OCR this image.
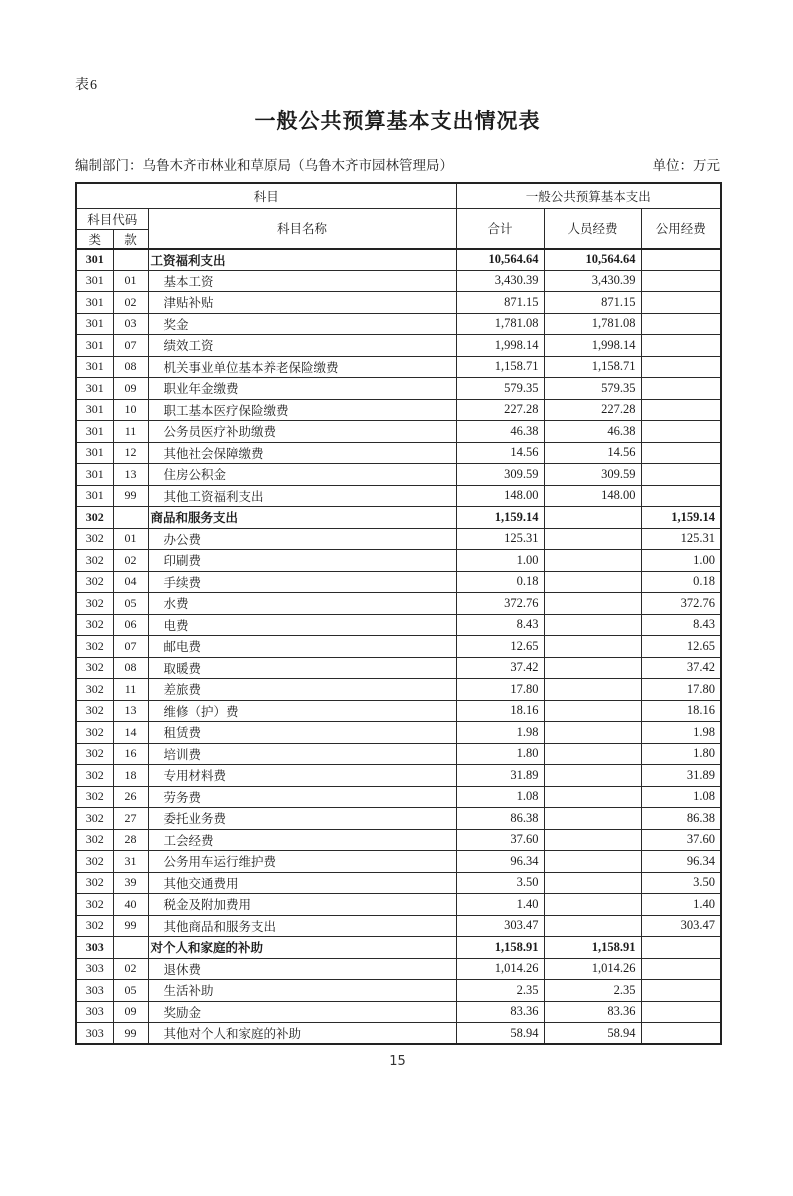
表6
一般公共预算基本支出情况表
编制部门：乌鲁木齐市林业和草原局（乌鲁木齐市园林管理局）	单位：万元
科目			一般公共预算基本支出		
科目代码		科目名称	合计	人员经费	公用经费
类	款				
301		工资福利支出	10,564.64	10,564.64	
301	01	基本工资	3,430.39	3,430.39	
301	02	津贴补贴	871.15	871.15	
301	03	奖金	1,781.08	1,781.08	
301	07	绩效工资	1,998.14	1,998.14	
301	08	机关事业单位基本养老保险缴费	1,158.71	1,158.71	
301	09	职业年金缴费	579.35	579.35	
301	10	职工基本医疗保险缴费	227.28	227.28	
301	11	公务员医疗补助缴费	46.38	46.38	
301	12	其他社会保障缴费	14.56	14.56	
301	13	住房公积金	309.59	309.59	
301	99	其他工资福利支出	148.00	148.00	
302		商品和服务支出	1,159.14		1,159.14
302	01	办公费	125.31		125.31
302	02	印刷费	1.00		1.00
302	04	手续费	0.18		0.18
302	05	水费	372.76		372.76
302	06	电费	8.43		8.43
302	07	邮电费	12.65		12.65
302	08	取暖费	37.42		37.42
302	11	差旅费	17.80		17.80
302	13	维修（护）费	18.16		18.16
302	14	租赁费	1.98		1.98
302	16	培训费	1.80		1.80
302	18	专用材料费	31.89		31.89
302	26	劳务费	1.08		1.08
302	27	委托业务费	86.38		86.38
302	28	工会经费	37.60		37.60
302	31	公务用车运行维护费	96.34		96.34
302	39	其他交通费用	3.50		3.50
302	40	税金及附加费用	1.40		1.40
302	99	其他商品和服务支出	303.47		303.47
303		对个人和家庭的补助	1,158.91	1,158.91	
303	02	退休费	1,014.26	1,014.26	
303	05	生活补助	2.35	2.35	
303	09	奖励金	83.36	83.36	
303	99	其他对个人和家庭的补助	58.94	58.94	
15
